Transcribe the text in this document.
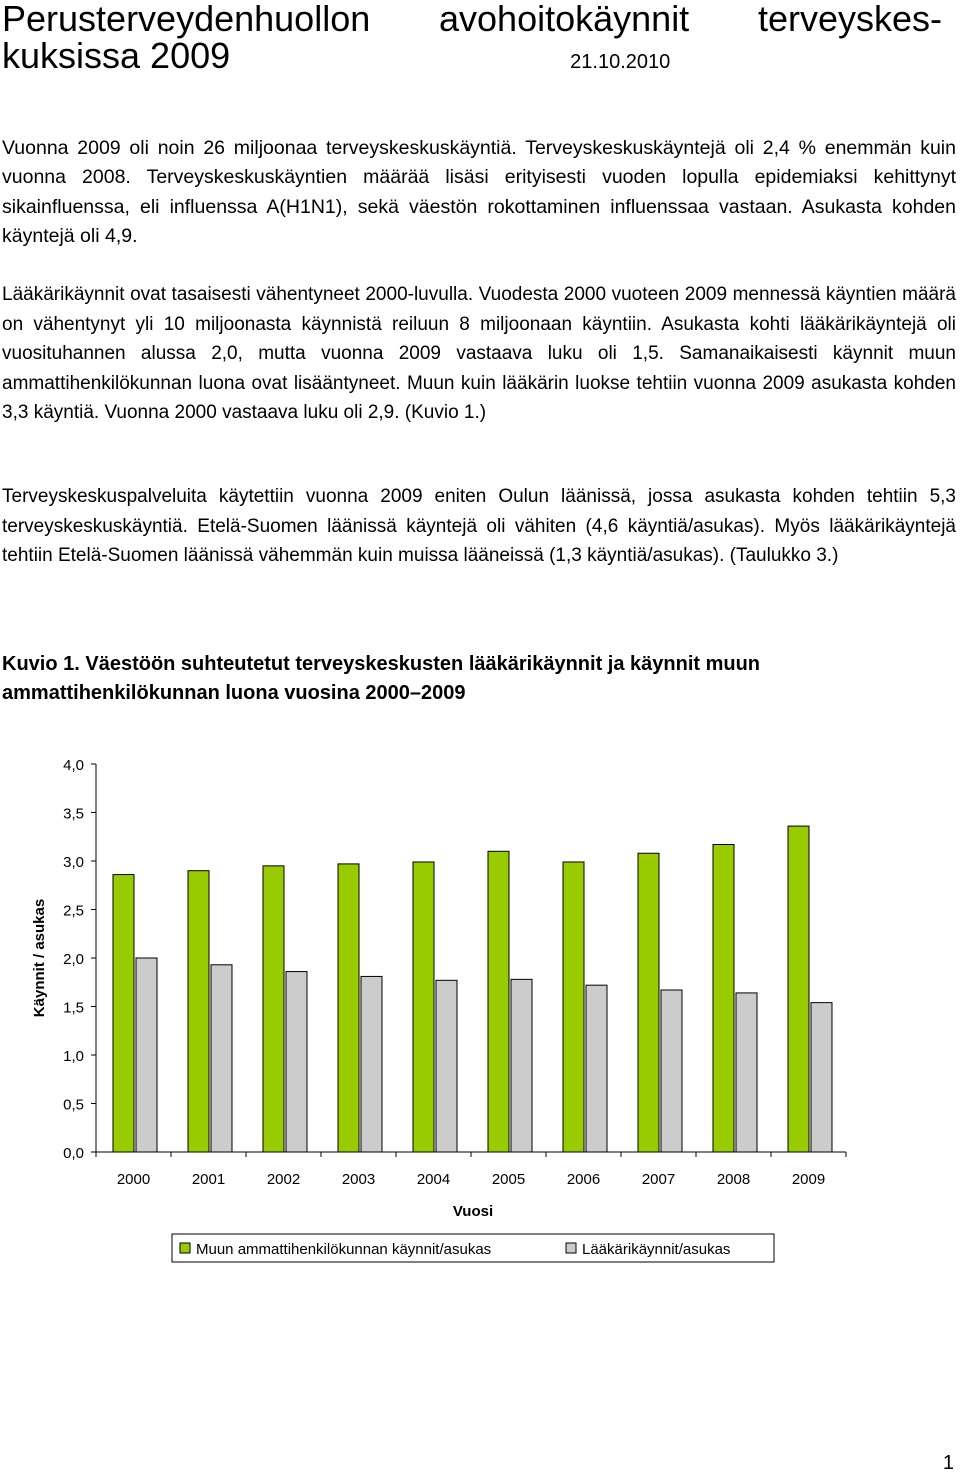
Perusterveydenhuollon avohoitokäynnit terveyskes-
kuksissa 2009	21.10.2010

Vuonna 2009 oli noin 26 miljoonaa terveyskeskuskäyntiä. Terveyskeskuskäyntejä oli 2,4 % enemmän kuin vuonna 2008. Terveyskeskuskäyntien määrää lisäsi erityisesti vuoden lopulla epidemiaksi kehittynyt sikainfluenssa, eli influenssa A(H1N1), sekä väestön rokottaminen influenssaa vastaan. Asukasta kohden käyntejä oli 4,9.

Lääkärikäynnit ovat tasaisesti vähentyneet 2000-luvulla. Vuodesta 2000 vuoteen 2009 mennessä käyntien määrä on vähentynyt yli 10 miljoonasta käynnistä reiluun 8 miljoonaan käyntiin. Asukasta kohti lääkärikäyntejä oli vuosituhannen alussa 2,0, mutta vuonna 2009 vastaava luku oli 1,5. Samanaikaisesti käynnit muun ammattihenkilökunnan luona ovat lisääntyneet. Muun kuin lääkärin luokse tehtiin vuonna 2009 asukasta kohden 3,3 käyntiä. Vuonna 2000 vastaava luku oli 2,9. (Kuvio 1.)

Terveyskeskuspalveluita käytettiin vuonna 2009 eniten Oulun läänissä, jossa asukasta kohden tehtiin 5,3 terveyskeskuskäyntiä. Etelä-Suomen läänissä käyntejä oli vähiten (4,6 käyntiä/asukas). Myös lääkärikäyntejä tehtiin Etelä-Suomen läänissä vähemmän kuin muissa lääneissä (1,3 käyntiä/asukas). (Taulukko 3.)

Kuvio 1. Väestöön suhteutetut terveyskeskusten lääkärikäynnit ja käynnit muun ammattihenkilökunnan luona vuosina 2000–2009
0,0
0,5
1,0
1,5
2,0
2,5
3,0
3,5
4,0
Käynnit / asukas
2000	2001	2002	2003	2004	2005	2006	2007	2008	2009
Vuosi
Muun ammattihenkilökunnan käynnit/asukas	Lääkärikäynnit/asukas
1
